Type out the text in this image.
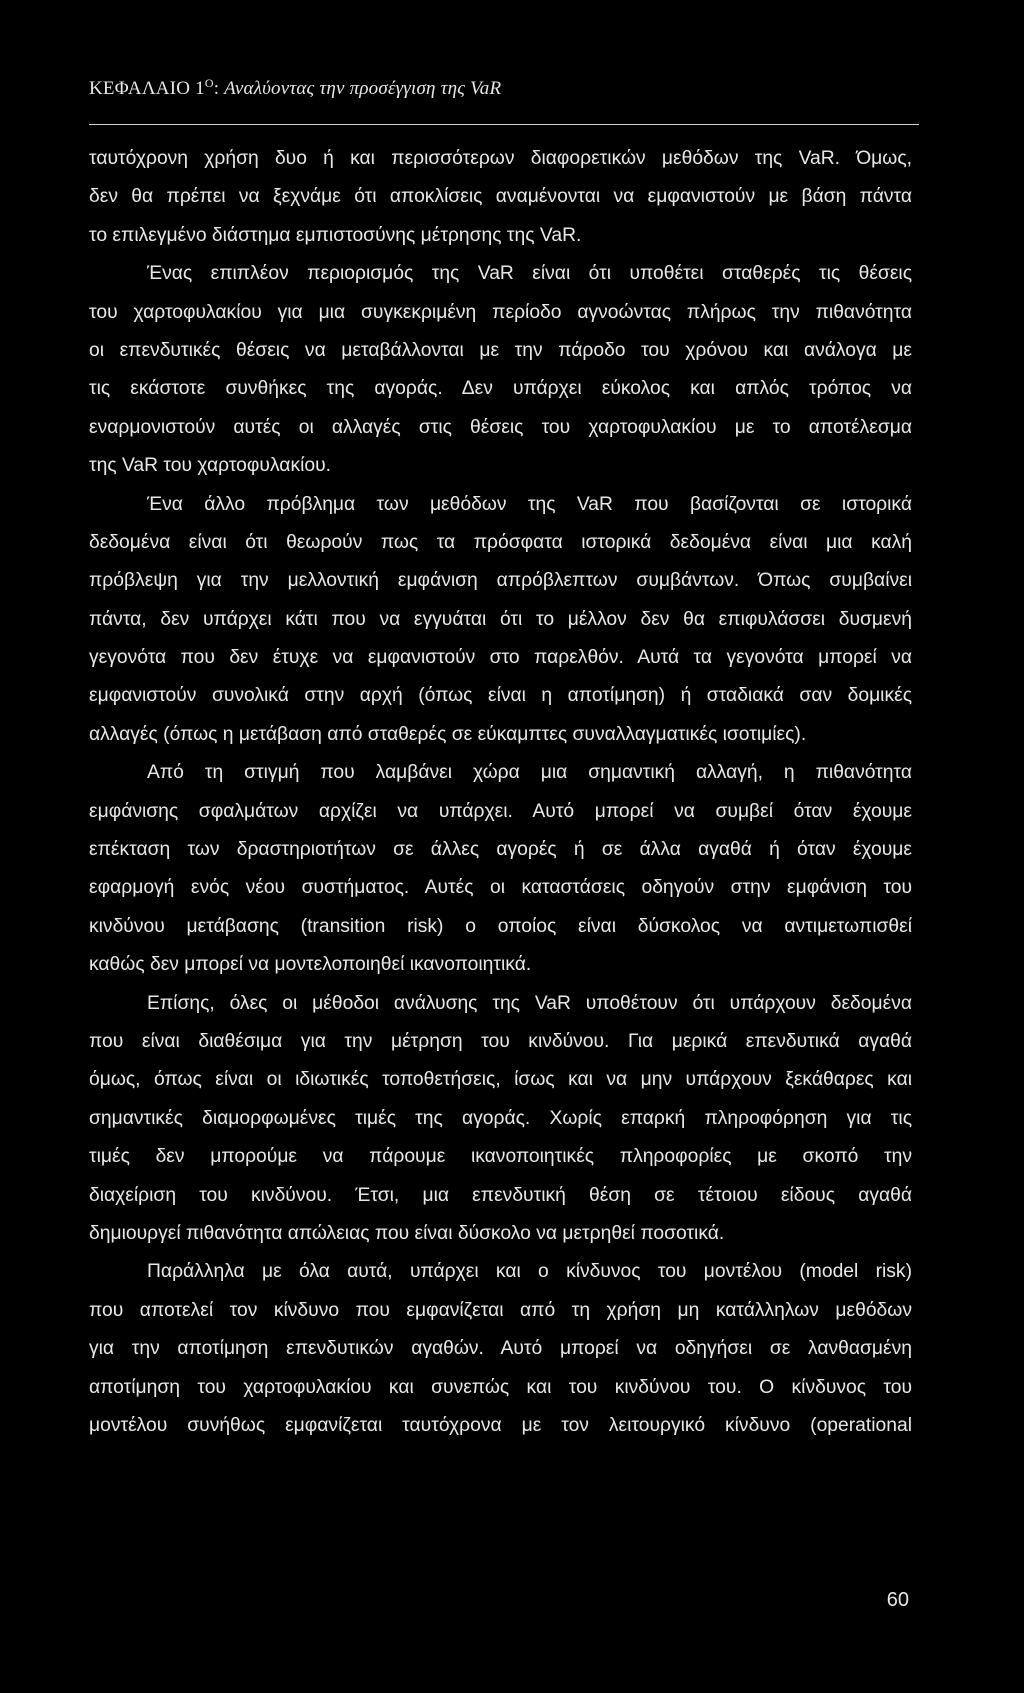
ΚΕΦΑΛΑΙΟ $1^O$: Αναλύοντας την προσέγγιση της VaR
ταυτόχρονη χρήση δυο ή και περισσότερων διαφορετικών μεθόδων της VaR. Όμως,
δεν θα πρέπει να ξεχνάμε ότι αποκλίσεις αναμένονται να εμφανιστούν με βάση πάντα
το επιλεγμένο διάστημα εμπιστοσύνης μέτρησης της VaR.
Ένας επιπλέον περιορισμός της VaR είναι ότι υποθέτει σταθερές τις θέσεις
του χαρτοφυλακίου για μια συγκεκριμένη περίοδο αγνοώντας πλήρως την πιθανότητα
οι επενδυτικές θέσεις να μεταβάλλονται με την πάροδο του χρόνου και ανάλογα με
τις εκάστοτε συνθήκες της αγοράς. Δεν υπάρχει εύκολος και απλός τρόπος να
εναρμονιστούν αυτές οι αλλαγές στις θέσεις του χαρτοφυλακίου με το αποτέλεσμα
της VaR του χαρτοφυλακίου.
Ένα άλλο πρόβλημα των μεθόδων της VaR που βασίζονται σε ιστορικά
δεδομένα είναι ότι θεωρούν πως τα πρόσφατα ιστορικά δεδομένα είναι μια καλή
πρόβλεψη για την μελλοντική εμφάνιση απρόβλεπτων συμβάντων. Όπως συμβαίνει
πάντα, δεν υπάρχει κάτι που να εγγυάται ότι το μέλλον δεν θα επιφυλάσσει δυσμενή
γεγονότα που δεν έτυχε να εμφανιστούν στο παρελθόν. Αυτά τα γεγονότα μπορεί να
εμφανιστούν συνολικά στην αρχή (όπως είναι η αποτίμηση) ή σταδιακά σαν δομικές
αλλαγές (όπως η μετάβαση από σταθερές σε εύκαμπτες συναλλαγματικές ισοτιμίες).
Από τη στιγμή που λαμβάνει χώρα μια σημαντική αλλαγή, η πιθανότητα
εμφάνισης σφαλμάτων αρχίζει να υπάρχει. Αυτό μπορεί να συμβεί όταν έχουμε
επέκταση των δραστηριοτήτων σε άλλες αγορές ή σε άλλα αγαθά ή όταν έχουμε
εφαρμογή ενός νέου συστήματος. Αυτές οι καταστάσεις οδηγούν στην εμφάνιση του
κινδύνου μετάβασης (transition risk) ο οποίος είναι δύσκολος να αντιμετωπισθεί
καθώς δεν μπορεί να μοντελοποιηθεί ικανοποιητικά.
Επίσης, όλες οι μέθοδοι ανάλυσης της VaR υποθέτουν ότι υπάρχουν δεδομένα
που είναι διαθέσιμα για την μέτρηση του κινδύνου. Για μερικά επενδυτικά αγαθά
όμως, όπως είναι οι ιδιωτικές τοποθετήσεις, ίσως και να μην υπάρχουν ξεκάθαρες και
σημαντικές διαμορφωμένες τιμές της αγοράς. Χωρίς επαρκή πληροφόρηση για τις
τιμές δεν μπορούμε να πάρουμε ικανοποιητικές πληροφορίες με σκοπό την
διαχείριση του κινδύνου. Έτσι, μια επενδυτική θέση σε τέτοιου είδους αγαθά
δημιουργεί πιθανότητα απώλειας που είναι δύσκολο να μετρηθεί ποσοτικά.
Παράλληλα με όλα αυτά, υπάρχει και ο κίνδυνος του μοντέλου (model risk)
που αποτελεί τον κίνδυνο που εμφανίζεται από τη χρήση μη κατάλληλων μεθόδων
για την αποτίμηση επενδυτικών αγαθών. Αυτό μπορεί να οδηγήσει σε λανθασμένη
αποτίμηση του χαρτοφυλακίου και συνεπώς και του κινδύνου του. Ο κίνδυνος του
μοντέλου συνήθως εμφανίζεται ταυτόχρονα με τον λειτουργικό κίνδυνο (operational
60
